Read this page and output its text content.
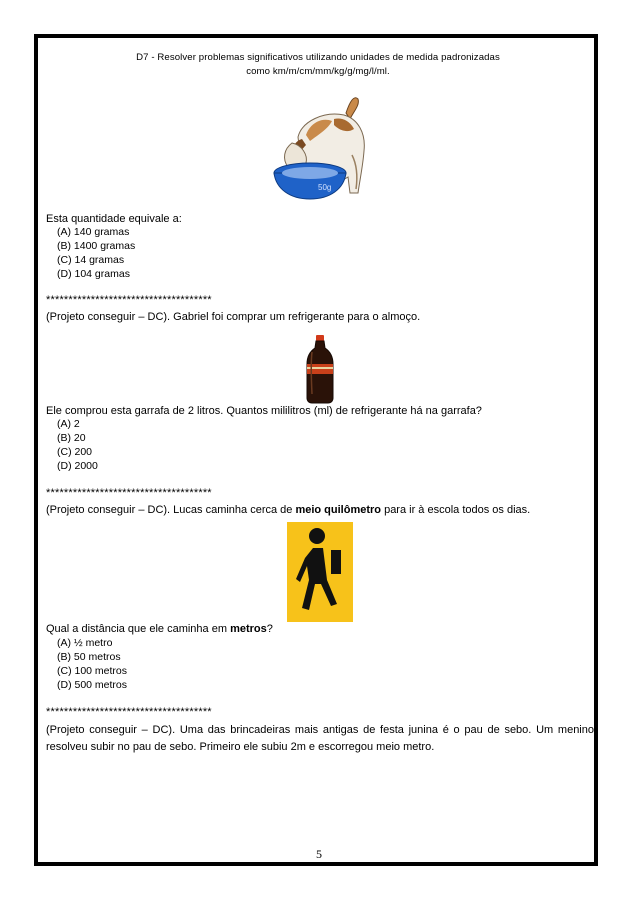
D7 - Resolver problemas significativos utilizando unidades de medida padronizadas
como km/m/cm/mm/kg/g/mg/l/ml.
50g
Esta quantidade equivale a:
(A) 140 gramas
(B) 1400 gramas
(C) 14 gramas
(D) 104 gramas
*************************************
(Projeto conseguir – DC). Gabriel foi comprar um refrigerante para o almoço.
Ele comprou esta garrafa de 2 litros. Quantos mililitros (ml) de refrigerante há na garrafa?
(A) 2
(B) 20
(C) 200
(D) 2000
*************************************
(Projeto conseguir – DC). Lucas caminha cerca de meio quilômetro para ir à escola todos os dias.
Qual a distância que ele caminha em metros?
(A) ½ metro
(B) 50 metros
(C) 100 metros
(D) 500 metros
*************************************
(Projeto conseguir – DC). Uma das brincadeiras mais antigas de festa junina é o pau de sebo. Um menino resolveu subir no pau de sebo. Primeiro ele subiu 2m e escorregou meio metro.
5
